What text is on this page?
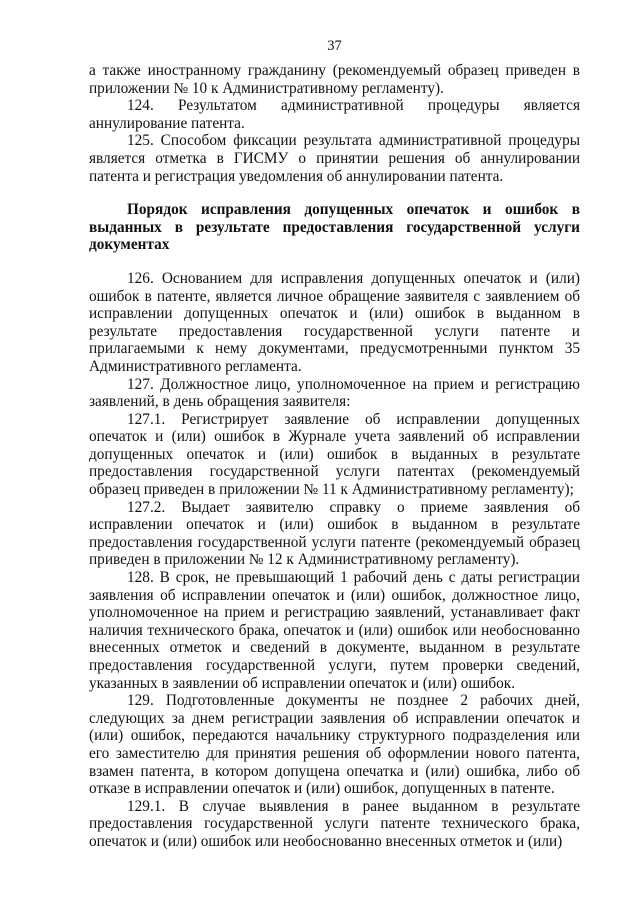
37

а также иностранному гражданину (рекомендуемый образец приведен в приложении № 10 к Административному регламенту).

124. Результатом административной процедуры является аннулирование патента.

125. Способом фиксации результата административной процедуры является отметка в ГИСМУ о принятии решения об аннулировании патента и регистрация уведомления об аннулировании патента.

Порядок исправления допущенных опечаток и ошибок в выданных в результате предоставления государственной услуги документах

126. Основанием для исправления допущенных опечаток и (или) ошибок в патенте, является личное обращение заявителя с заявлением об исправлении допущенных опечаток и (или) ошибок в выданном в результате предоставления государственной услуги патенте и прилагаемыми к нему документами, предусмотренными пунктом 35 Административного регламента.

127. Должностное лицо, уполномоченное на прием и регистрацию заявлений, в день обращения заявителя:

127.1. Регистрирует заявление об исправлении допущенных опечаток и (или) ошибок в Журнале учета заявлений об исправлении допущенных опечаток и (или) ошибок в выданных в результате предоставления государственной услуги патентах (рекомендуемый образец приведен в приложении № 11 к Административному регламенту);

127.2. Выдает заявителю справку о приеме заявления об исправлении опечаток и (или) ошибок в выданном в результате предоставления государственной услуги патенте (рекомендуемый образец приведен в приложении № 12 к Административному регламенту).

128. В срок, не превышающий 1 рабочий день с даты регистрации заявления об исправлении опечаток и (или) ошибок, должностное лицо, уполномоченное на прием и регистрацию заявлений, устанавливает факт наличия технического брака, опечаток и (или) ошибок или необоснованно внесенных отметок и сведений в документе, выданном в результате предоставления государственной услуги, путем проверки сведений, указанных в заявлении об исправлении опечаток и (или) ошибок.

129. Подготовленные документы не позднее 2 рабочих дней, следующих за днем регистрации заявления об исправлении опечаток и (или) ошибок, передаются начальнику структурного подразделения или его заместителю для принятия решения об оформлении нового патента, взамен патента, в котором допущена опечатка и (или) ошибка, либо об отказе в исправлении опечаток и (или) ошибок, допущенных в патенте.

129.1. В случае выявления в ранее выданном в результате предоставления государственной услуги патенте технического брака, опечаток и (или) ошибок или необоснованно внесенных отметок и (или)
